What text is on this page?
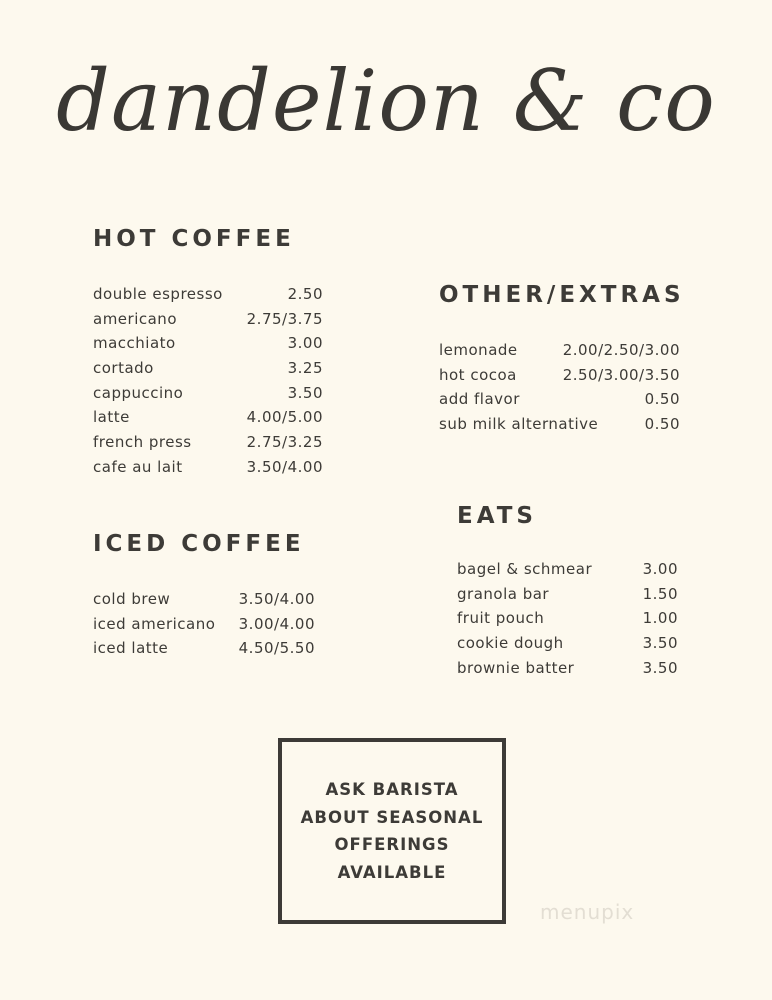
dandelion & co
HOT COFFEE
double espresso	2.50
americano	2.75/3.75
macchiato	3.00
cortado	3.25
cappuccino	3.50
latte	4.00/5.00
french press	2.75/3.25
cafe au lait	3.50/4.00
ICED COFFEE
cold brew	3.50/4.00
iced americano 3.00/4.00
iced latte	4.50/5.50
OTHER/EXTRAS
lemonade	2.00/2.50/3.00
hot cocoa	2.50/3.00/3.50
add flavor	0.50
sub milk alternative	0.50
EATS
bagel & schmear	3.00
granola bar	1.50
fruit pouch	1.00
cookie dough	3.50
brownie batter	3.50
ASK BARISTA
ABOUT SEASONAL
OFFERINGS
AVAILABLE
menupix
